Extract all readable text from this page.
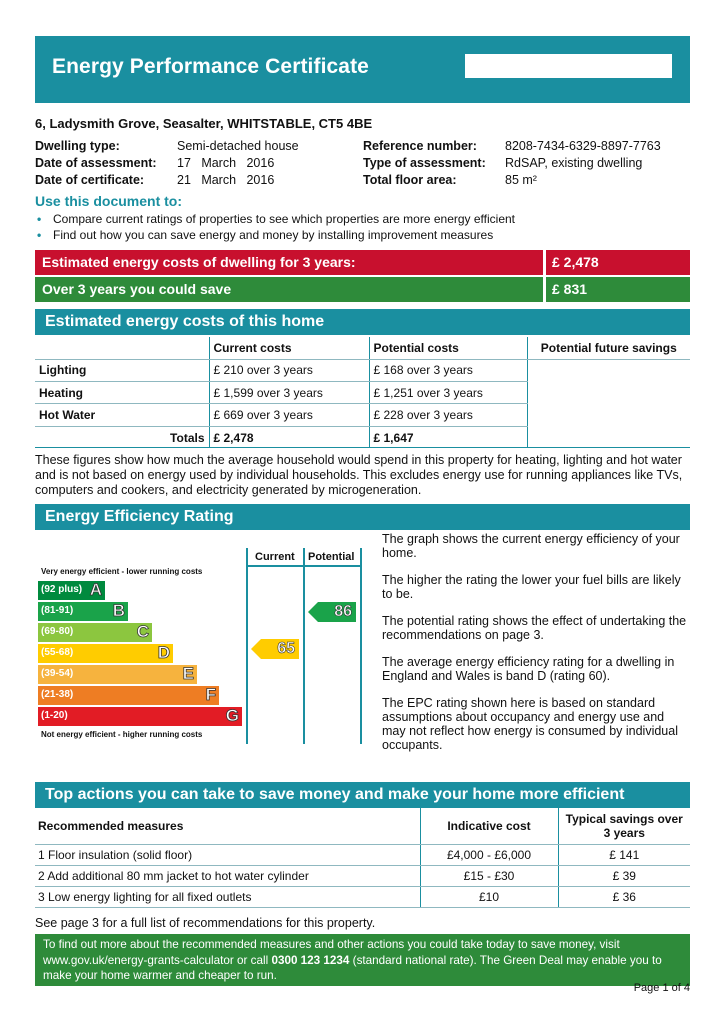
Energy Performance Certificate
6, Ladysmith Grove, Seasalter, WHITSTABLE, CT5 4BE
Dwelling type:	Semi-detached house
Date of assessment: 17   March   2016
Date of certificate:	21   March   2016
Reference number: 8208-7434-6329-8897-7763
Type of assessment: RdSAP, existing dwelling
Total floor area:	85 m²
Use this document to:
• Compare current ratings of properties to see which properties are more energy efficient
• Find out how you can save energy and money by installing improvement measures
Estimated energy costs of dwelling for 3 years:	£ 2,478
Over 3 years you could save	£ 831
Estimated energy costs of this home
	Current costs	Potential costs	Potential future savings
Lighting	£ 210 over 3 years	£ 168 over 3 years	
Heating	£ 1,599 over 3 years	£ 1,251 over 3 years	
Hot Water	£ 669 over 3 years	£ 228 over 3 years	
Totals	£ 2,478	£ 1,647	
These figures show how much the average household would spend in this property for heating, lighting and hot water and is not based on energy used by individual households. This excludes energy use for running appliances like TVs, computers and cookers, and electricity generated by microgeneration.
Energy Efficiency Rating
Current Potential
Very energy efficient - lower running costs
Not energy efficient - higher running costs
(92 plus) A
(81-91) B
(69-80)	C
(55-68)	D
(39-54)	E
(21-38)	F
(1-20)	G
65
86

The graph shows the current energy efficiency of your home.

The higher the rating the lower your fuel bills are likely to be.

The potential rating shows the effect of undertaking the recommendations on page 3.

The average energy efficiency rating for a dwelling in England and Wales is band D (rating 60).

The EPC rating shown here is based on standard assumptions about occupancy and energy use and may not reflect how energy is consumed by individual occupants.

Top actions you can take to save money and make your home more efficient
Recommended measures	Indicative cost	Typical savings over 3 years
1 Floor insulation (solid floor)	£4,000 - £6,000	£ 141
2 Add additional 80 mm jacket to hot water cylinder	£15 - £30	£ 39
3 Low energy lighting for all fixed outlets	£10	£ 36
See page 3 for a full list of recommendations for this property.
To find out more about the recommended measures and other actions you could take today to save money, visit www.gov.uk/energy-grants-calculator or call 0300 123 1234 (standard national rate). The Green Deal may enable you to make your home warmer and cheaper to run.
Page 1 of 4
